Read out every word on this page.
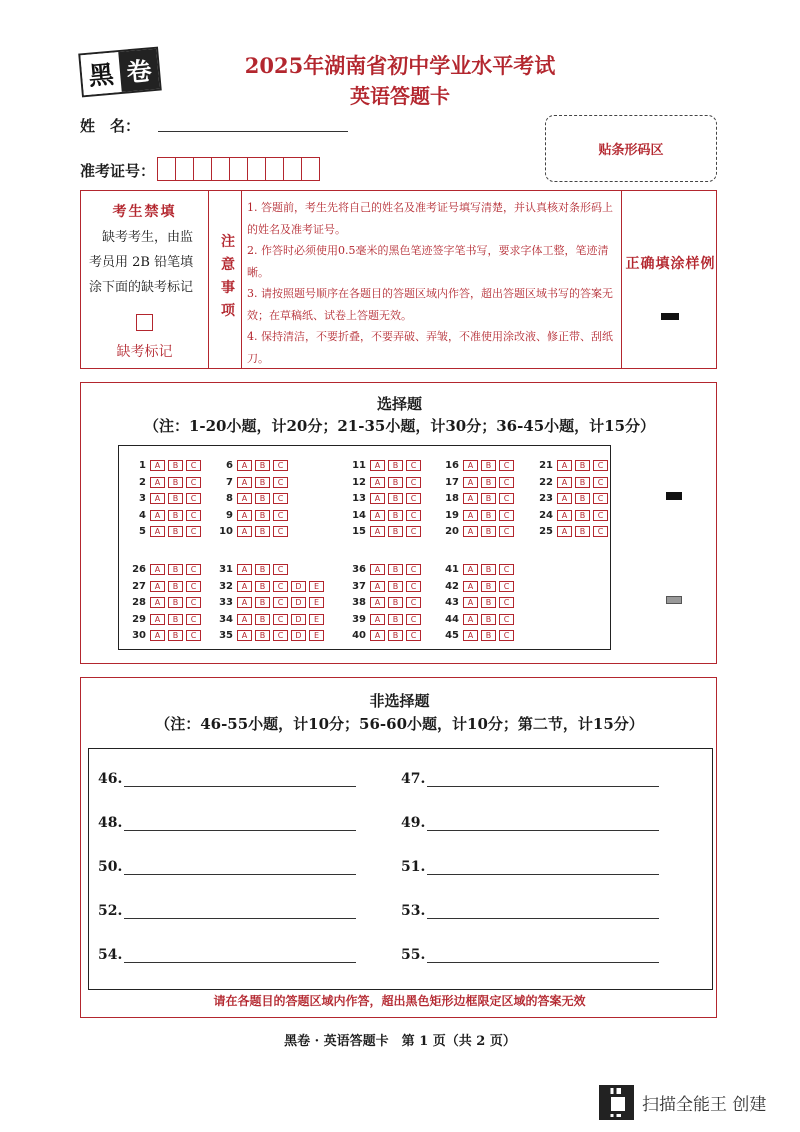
黑 卷	2025年湖南省初中学业水平考试
英语答题卡
姓　名：
准考证号：
贴条形码区
考生禁填
缺考考生，由监考员用 2B 铅笔填涂下面的缺考标记
缺考标记
注意事项
1. 答题前，考生先将自己的姓名及准考证号填写清楚，并认真核对条形码上的姓名及准考证号。
2. 作答时必须使用0.5毫米的黑色笔迹签字笔书写，要求字体工整，笔迹清晰。
3. 请按照题号顺序在各题目的答题区域内作答，超出答题区域书写的答案无效；在草稿纸、试卷上答题无效。
4. 保持清洁，不要折叠，不要弄破、弄皱，不准使用涂改液、修正带、刮纸刀。
正确填涂样例
选择题
（注：1-20小题，计20分；21-35小题，计30分；36-45小题，计15分）
1	A	B	C
2	A	B	C
3	A	B	C
4	A	B	C
5	A	B	C
6	A	B	C
7	A	B	C
8	A	B	C
9	A	B	C
10	A	B	C
11	A	B	C
12	A	B	C
13	A	B	C
14	A	B	C
15	A	B	C
16	A	B	C
17	A	B	C
18	A	B	C
19	A	B	C
20	A	B	C
21	A	B	C
22	A	B	C
23	A	B	C
24	A	B	C
25	A	B	C
26	A	B	C
27	A	B	C
28	A	B	C
29	A	B	C
30	A	B	C
31	A	B	C
32	A	B	C	D	E
33	A	B	C	D	E
34	A	B	C	D	E
35	A	B	C	D	E
36	A	B	C
37	A	B	C
38	A	B	C
39	A	B	C
40	A	B	C
41	A	B	C
42	A	B	C
43	A	B	C
44	A	B	C
45	A	B	C
非选择题
（注：46-55小题，计10分；56-60小题，计10分；第二节，计15分）
46.	47.
48.	49.
50.	51.
52.	53.
54.	55.
请在各题目的答题区域内作答，超出黑色矩形边框限定区域的答案无效
黑卷 · 英语答题卡　第 1 页（共 2 页）
扫描全能王 创建
